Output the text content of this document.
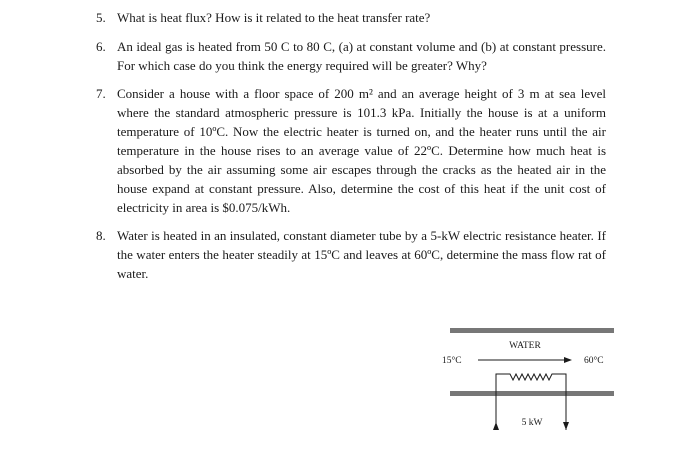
5. What is heat flux? How is it related to the heat transfer rate?
6. An ideal gas is heated from 50 C to 80 C, (a) at constant volume and (b) at constant pressure. For which case do you think the energy required will be greater? Why?
7. Consider a house with a floor space of 200 m² and an average height of 3 m at sea level where the standard atmospheric pressure is 101.3 kPa. Initially the house is at a uniform temperature of 10ºC. Now the electric heater is turned on, and the heater runs until the air temperature in the house rises to an average value of 22ºC. Determine how much heat is absorbed by the air assuming some air escapes through the cracks as the heated air in the house expand at constant pressure. Also, determine the cost of this heat if the unit cost of electricity in area is $0.075/kWh.
8. Water is heated in an insulated, constant diameter tube by a 5-kW electric resistance heater. If the water enters the heater steadily at 15ºC and leaves at 60ºC, determine the mass flow rat of water.
WATER
15°C	60°C
5 kW
